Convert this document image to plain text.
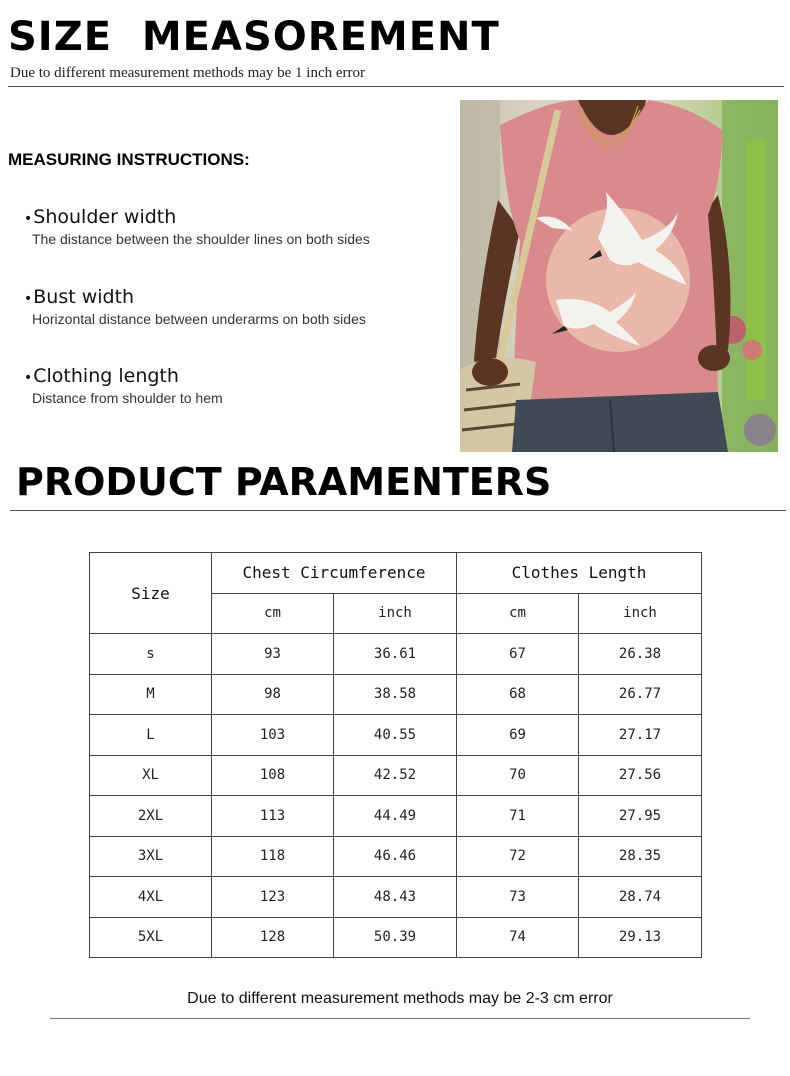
SIZE  MEASOREMENT
Due to different measurement methods may be 1 inch error
MEASURING INSTRUCTIONS:
•Shoulder width
The distance between the shoulder lines on both sides
•Bust width
Horizontal distance between underarms on both sides
•Clothing length
Distance from shoulder to hem
PRODUCT PARAMENTERS
Size	Chest Circumference		Clothes Length	
	cm	inch	cm	inch
s	93	36.61	67	26.38
M	98	38.58	68	26.77
L	103	40.55	69	27.17
XL	108	42.52	70	27.56
2XL	113	44.49	71	27.95
3XL	118	46.46	72	28.35
4XL	123	48.43	73	28.74
5XL	128	50.39	74	29.13
Due to different measurement methods may be 2-3 cm error
